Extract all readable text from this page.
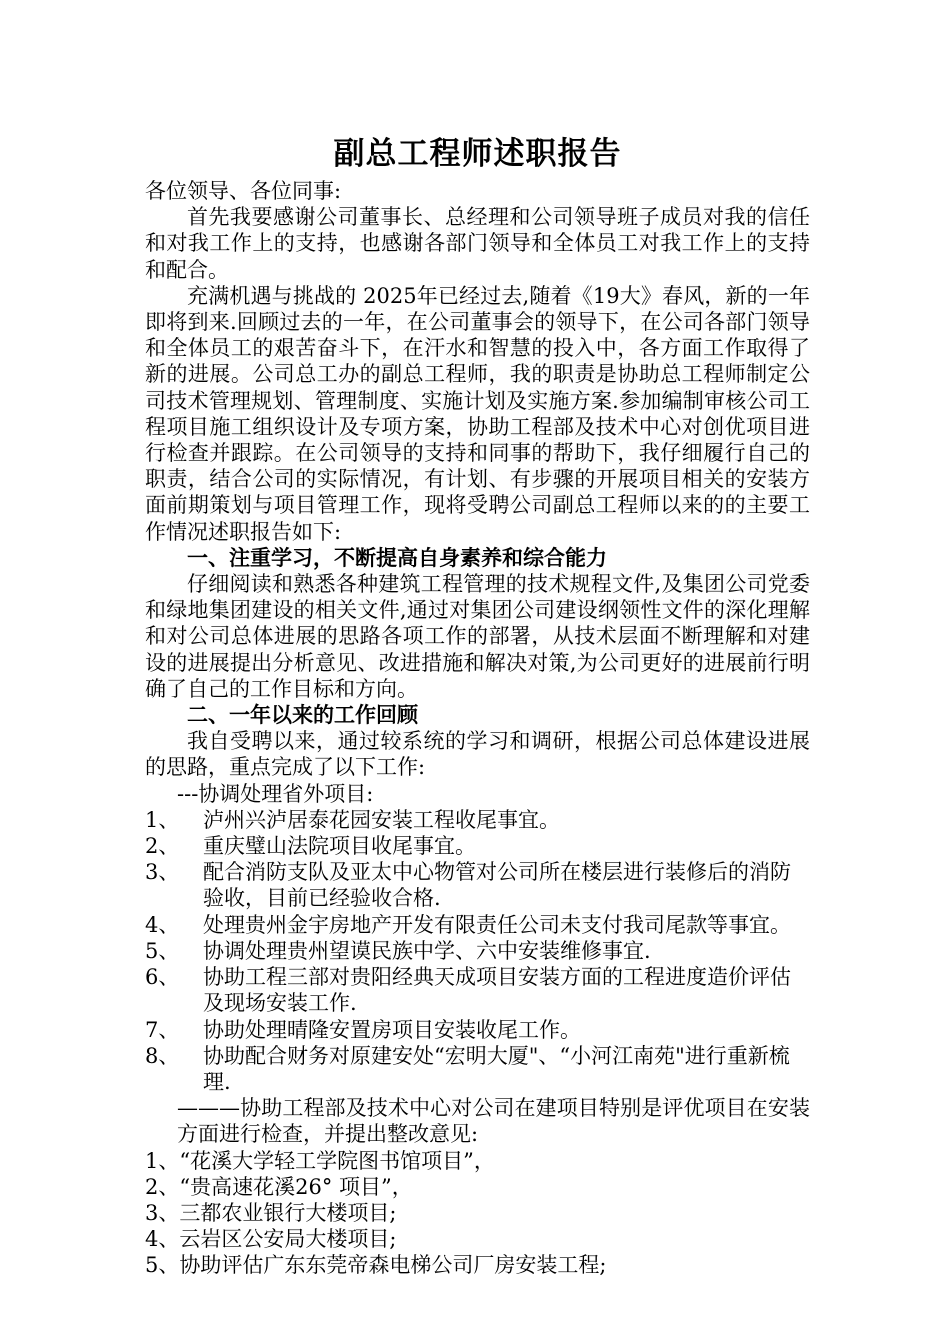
副总工程师述职报告

各位领导、各位同事:

首先我要感谢公司董事长、总经理和公司领导班子成员对我的信任和对我工作上的支持，也感谢各部门领导和全体员工对我工作上的支持和配合。

充满机遇与挑战的 2025年已经过去,随着《19大》春风，新的一年即将到来.回顾过去的一年，在公司董事会的领导下，在公司各部门领导和全体员工的艰苦奋斗下，在汗水和智慧的投入中，各方面工作取得了新的进展。公司总工办的副总工程师，我的职责是协助总工程师制定公司技术管理规划、管理制度、实施计划及实施方案.参加编制审核公司工程项目施工组织设计及专项方案，协助工程部及技术中心对创优项目进行检查并跟踪。在公司领导的支持和同事的帮助下，我仔细履行自己的职责，结合公司的实际情况，有计划、有步骤的开展项目相关的安装方面前期策划与项目管理工作，现将受聘公司副总工程师以来的的主要工作情况述职报告如下:

一、注重学习，不断提高自身素养和综合能力

仔细阅读和熟悉各种建筑工程管理的技术规程文件,及集团公司党委和绿地集团建设的相关文件,通过对集团公司建设纲领性文件的深化理解和对公司总体进展的思路各项工作的部署，从技术层面不断理解和对建设的进展提出分析意见、改进措施和解决对策,为公司更好的进展前行明确了自己的工作目标和方向。

二、一年以来的工作回顾

我自受聘以来，通过较系统的学习和调研，根据公司总体建设进展的思路，重点完成了以下工作:

---协调处理省外项目:

1、	泸州兴泸居泰花园安装工程收尾事宜。
2、	重庆璧山法院项目收尾事宜。
3、	配合消防支队及亚太中心物管对公司所在楼层进行装修后的消防验收，目前已经验收合格.
4、	处理贵州金宇房地产开发有限责任公司未支付我司尾款等事宜。
5、	协调处理贵州望谟民族中学、六中安装维修事宜.
6、	协助工程三部对贵阳经典天成项目安装方面的工程进度造价评估及现场安装工作.
7、	协助处理晴隆安置房项目安装收尾工作。
8、	协助配合财务对原建安处“宏明大厦"、“小河江南苑"进行重新梳理.

———协助工程部及技术中心对公司在建项目特别是评优项目在安装方面进行检查，并提出整改意见:

1、“花溪大学轻工学院图书馆项目”，

2、“贵高速花溪26° 项目”，

3、三都农业银行大楼项目;

4、云岩区公安局大楼项目;

5、协助评估广东东莞帝森电梯公司厂房安装工程;
